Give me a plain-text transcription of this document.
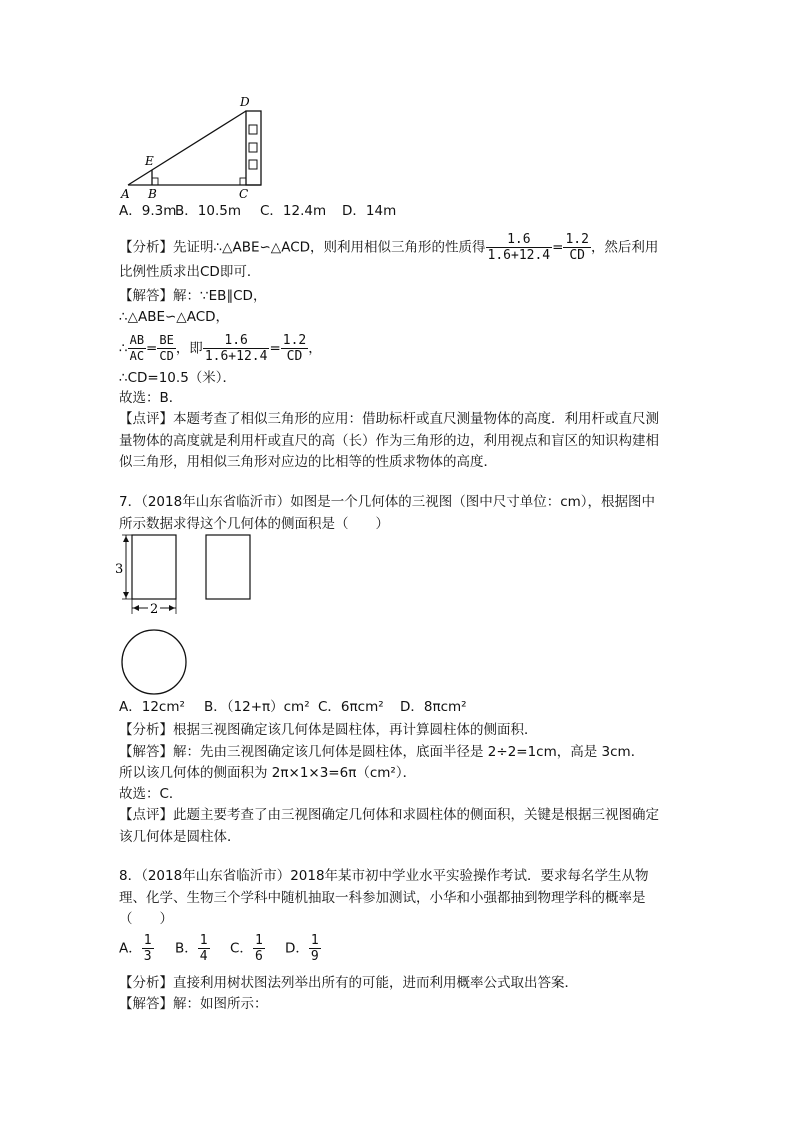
D
E
A B	C
A．9.3m
B．10.5m C．12.4m D．14m
【分析】先证明∴△ABE∽△ACD，则利用相似三角形的性质得 $\frac{1.6}{1.6+12.4} = \frac{1.2}{CD}$ ，然后利用
比例性质求出CD即可．
【解答】解：∵EB∥CD，
∴△ABE∽△ACD，
∴ $\frac{AB}{AC} = \frac{BE}{CD}$ ，即 $\frac{1.6}{1.6+12.4} = \frac{1.2}{CD}$ ，
∴CD=10.5（米）．
故选：B．
【点评】本题考查了相似三角形的应用：借助标杆或直尺测量物体的高度．利用杆或直尺测
量物体的高度就是利用杆或直尺的高（长）作为三角形的边，利用视点和盲区的知识构建相
似三角形，用相似三角形对应边的比相等的性质求物体的高度．
7．（2018年山东省临沂市）如图是一个几何体的三视图（图中尺寸单位：cm），根据图中
所示数据求得这个几何体的侧面积是（　　）
3
2
A．12cm² B．（12+π）cm² C．6πcm² D．8πcm²
【分析】根据三视图确定该几何体是圆柱体，再计算圆柱体的侧面积．
【解答】解：先由三视图确定该几何体是圆柱体，底面半径是 2÷2=1cm，高是 3cm．
所以该几何体的侧面积为 2π×1×3=6π（cm²）．
故选：C．
【点评】此题主要考查了由三视图确定几何体和求圆柱体的侧面积，关键是根据三视图确定
该几何体是圆柱体．
8．（2018年山东省临沂市）2018年某市初中学业水平实验操作考试．要求每名学生从物
理、化学、生物三个学科中随机抽取一科参加测试，小华和小强都抽到物理学科的概率是
（　　）
A． $\frac{1}{3}$ B． $\frac{1}{4}$ C． $\frac{1}{6}$ D． $\frac{1}{9}$
【分析】直接利用树状图法列举出所有的可能，进而利用概率公式取出答案．
【解答】解：如图所示：
